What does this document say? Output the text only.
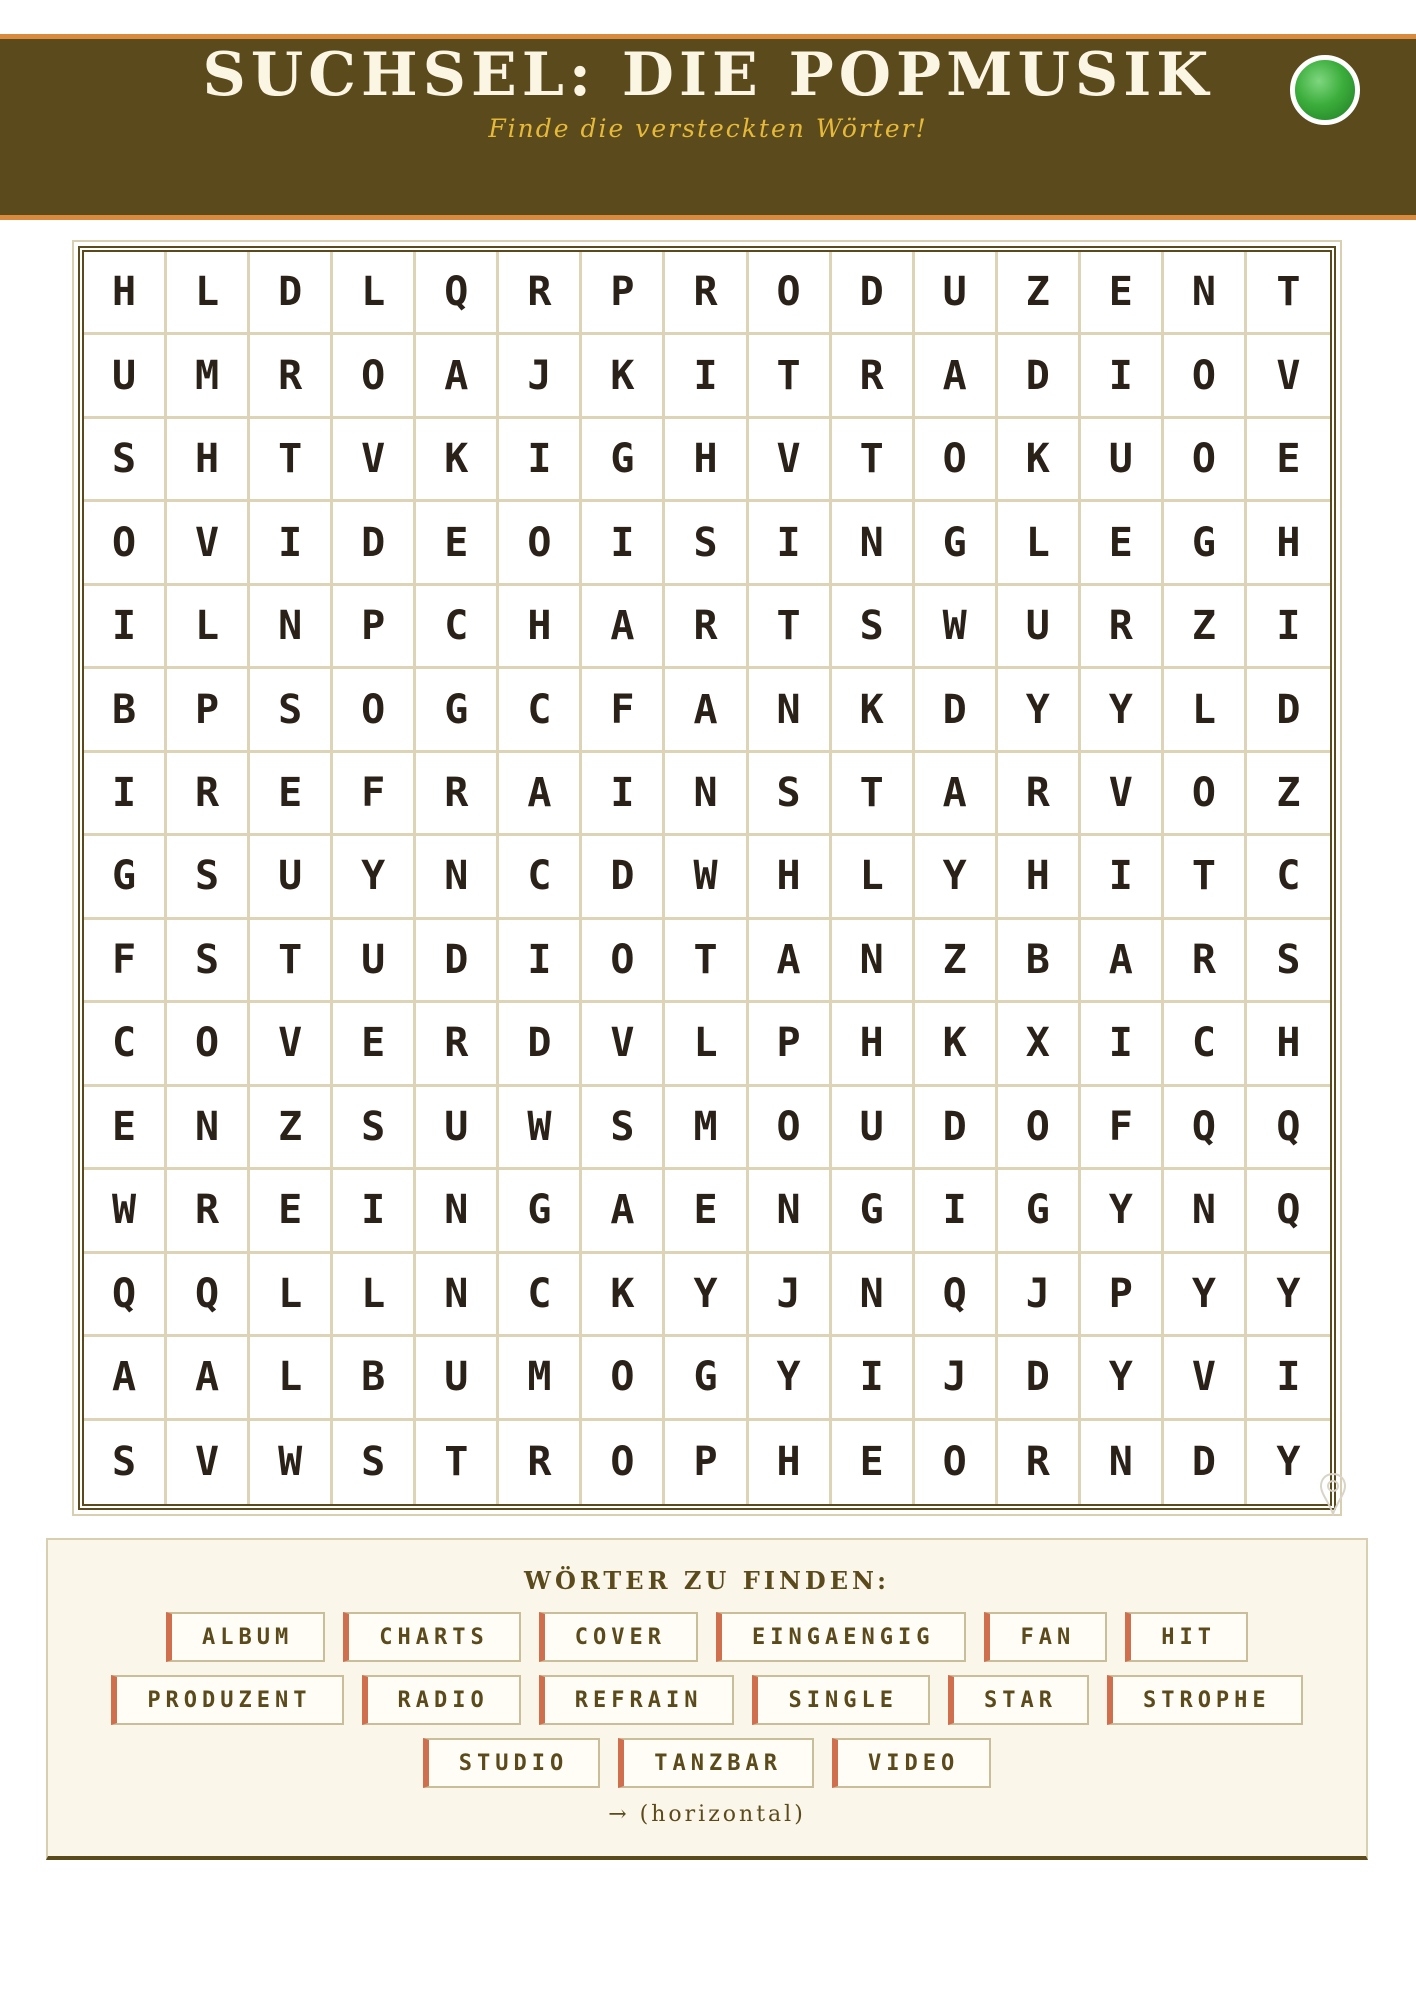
SUCHSEL: DIE POPMUSIK

Finde die versteckten Wörter!

H	L	D	L	Q	R	P	R	O	D	U	Z	E	N	T
U	M	R	O	A	J	K	I	T	R	A	D	I	O	V
S	H	T	V	K	I	G	H	V	T	O	K	U	O	E
O	V	I	D	E	O	I	S	I	N	G	L	E	G	H
I	L	N	P	C	H	A	R	T	S	W	U	R	Z	I
B	P	S	O	G	C	F	A	N	K	D	Y	Y	L	D
I	R	E	F	R	A	I	N	S	T	A	R	V	O	Z
G	S	U	Y	N	C	D	W	H	L	Y	H	I	T	C
F	S	T	U	D	I	O	T	A	N	Z	B	A	R	S
C	O	V	E	R	D	V	L	P	H	K	X	I	C	H
E	N	Z	S	U	W	S	M	O	U	D	O	F	Q	Q
W	R	E	I	N	G	A	E	N	G	I	G	Y	N	Q
Q	Q	L	L	N	C	K	Y	J	N	Q	J	P	Y	Y
A	A	L	B	U	M	O	G	Y	I	J	D	Y	V	I
S	V	W	S	T	R	O	P	H	E	O	R	N	D	Y
WÖRTER ZU FINDEN:
ALBUM	CHARTS	COVER	EINGAENGIG	FAN	HIT
PRODUZENT	RADIO	REFRAIN	SINGLE	STAR	STROPHE
STUDIO	TANZBAR	VIDEO
→ (horizontal)
